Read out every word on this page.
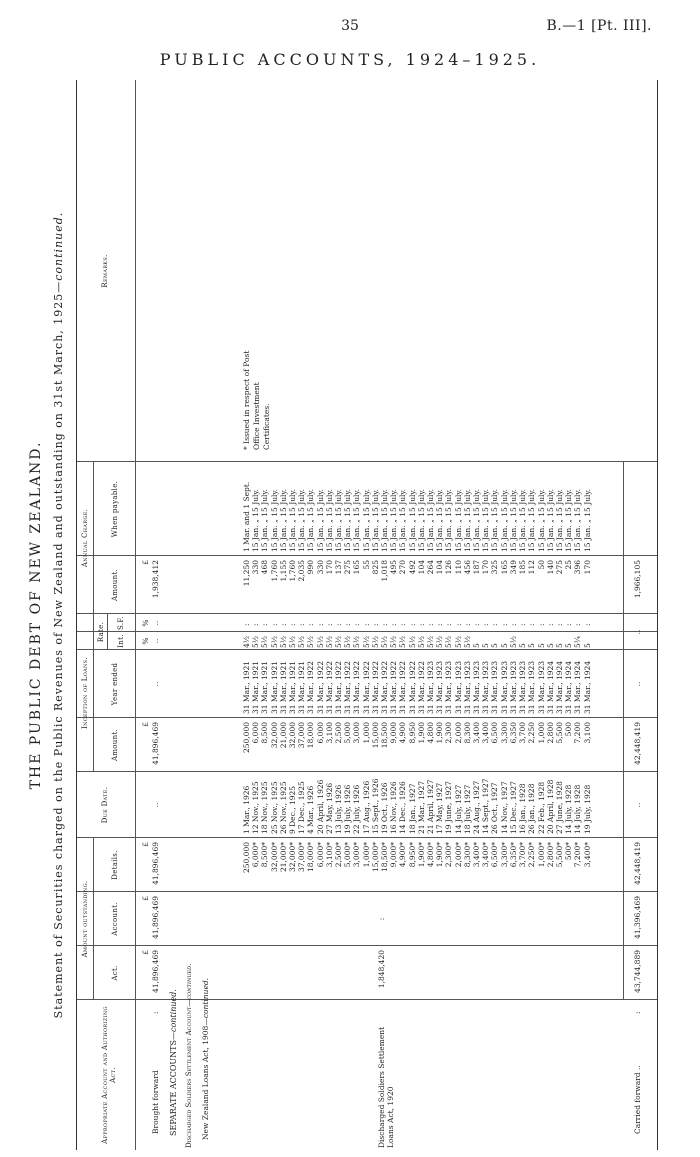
35	B.—1 [Pt. III].
PUBLIC ACCOUNTS, 1924–1925.
THE PUBLIC DEBT OF NEW ZEALAND. Statement of Securities charged on the Public Revenues of New Zealand and outstanding on 31st March, 1925—continued.
Appropriate Account and Authorizing Act.
Amount outstanding.
Act.
Account.
Details.
Due Date.
Inception of Loans.
Amount.
Year ended
Rate. Int.
S.F.
Annual Charge.
Amount.
When payable.
Remarks.
Brought forward
:
£ 41,896,469
£ 41,896,469
£ 41,896,469
..
£ 41,896,469
..
%
%
..
..
£ 1,938,412
SEPARATE ACCOUNTS—continued. Discharged Soldiers Settlement Account—continued.
New Zealand Loans Act, 1908—continued.
Discharged Soldiers Settlement Loans Act, 1920
1,848,420
:
250,000 6,000* 8,500* 32,000* 21,000* 32,000* 37,000* 18,000* 6,000* 3,100* 2,500* 5,000* 3,000* 1,000* 15,000* 18,500* 9,000* 4,900* 8,950* 1,900* 4,800* 1,900* 2,300* 2,000* 8,300* 3,400* 3,400* 6,500* 3,300* 6,350* 3,700* 2,250* 1,000* 2,800* 5,500* 500* 7,200* 3,400*
1 Mar., 1926 12 Nov., 1925 18 Nov., 1925 25 Nov., 1925 26 Nov., 1925 9 Dec., 1925 17 Dec., 1925 4 Mar., 1926 20 April, 1926 27 May, 1926 13 July, 1926 19 July, 1926 22 July, 1926 17 Aug., 1926 15 Sept., 1926 19 Oct., 1926 16 Nov., 1926 14 Dec., 1926 18 Jan., 1927 21 Mar., 1927 21 April, 1927 17 May, 1927 19 June, 1927 14 July, 1927 18 July, 1927 24 Aug., 1927 14 Sept., 1927 26 Oct., 1927 14 Nov., 1927 15 Dec., 1927 16 Jan., 1928 26 Jan., 1928 22 Feb., 1928 20 April, 1928 27 June, 1928 14 July, 1928 14 July, 1928 19 July, 1928
250,000 6,000 8,500 32,000 21,000 32,000 37,000 18,000 6,000 3,100 2,500 5,000 3,000 1,000 15,000 18,500 9,000 4,900 8,950 1,900 4,800 1,900 2,300 2,000 8,300 3,400 3,400 6,500 3,300 6,350 3,700 2,250 1,000 2,800 5,500 500 7,200 3,100
31 Mar., 1921 31 Mar., 1921 31 Mar., 1921 31 Mar., 1921 31 Mar., 1921 31 Mar., 1921 31 Mar., 1921 31 Mar., 1922 31 Mar., 1922 31 Mar., 1922 31 Mar., 1922 31 Mar., 1922 31 Mar., 1922 31 Mar., 1922 31 Mar., 1922 31 Mar., 1922 31 Mar., 1922 31 Mar., 1922 31 Mar., 1922 31 Mar., 1922 31 Mar., 1923 31 Mar., 1923 31 Mar., 1923 31 Mar., 1923 31 Mar., 1923 31 Mar., 1923 31 Mar., 1923 31 Mar., 1923 31 Mar., 1923 31 Mar., 1923 31 Mar., 1923 31 Mar., 1923 31 Mar., 1923 31 Mar., 1924 31 Mar., 1924 31 Mar., 1924 31 Mar., 1924 31 Mar., 1924
4½ 5½ 5½ 5½ 5½ 5½ 5½ 5½ 5½ 5½ 5½ 5½ 5½ 5½ 5½ 5½ 5½ 5½ 5½ 5½ 5½ 5½ 5½ 5½ 5½ 5 5 5 5 5½ 5 5 5 5 5 5 5¼ 5
: : : : : : : : : : : : : : : : : : : : : : : : : : : : : : : : : : : : : :
11,250 330 468 1,760 1,155 1,760 2,035 990 330 170 137 275 165 55 825 1,018 495 270 492 104 264 104 126 110 456 187 170 325 165 349 185 112 50 140 275 25 396 170
1 Mar. and 1 Sept. 15 Jan. „ 15 July. 15 Jan. „ 15 July. 15 Jan. „ 15 July. 15 Jan. „ 15 July. 15 Jan. „ 15 July. 15 Jan. „ 15 July. 15 Jan. „ 15 July. 15 Jan. „ 15 July. 15 Jan. „ 15 July. 15 Jan. „ 15 July. 15 Jan. „ 15 July. 15 Jan. „ 15 July. 15 Jan. „ 15 July. 15 Jan. „ 15 July. 15 Jan. „ 15 July. 15 Jan. „ 15 July. 15 Jan. „ 15 July. 15 Jan. „ 15 July. 15 Jan. „ 15 July. 15 Jan. „ 15 July. 15 Jan. „ 15 July. 15 Jan. „ 15 July. 15 Jan. „ 15 July. 15 Jan. „ 15 July. 15 Jan. „ 15 July. 15 Jan. „ 15 July. 15 Jan. „ 15 July. 15 Jan. „ 15 July. 15 Jan. „ 15 July. 15 Jan. „ 15 July. 15 Jan. „ 15 July. 15 Jan. „ 15 July. 15 Jan. „ 15 July. 15 Jan. „ 15 July. 15 Jan. „ 15 July. 15 Jan. „ 15 July. 15 Jan. „ 15 July.
* Issued in respect of Post Office Investment Certificates.
Carried forward ..
:
43,744,889
41,396,469
42,448,419
..
42,448,419
..
..
1,966,105
